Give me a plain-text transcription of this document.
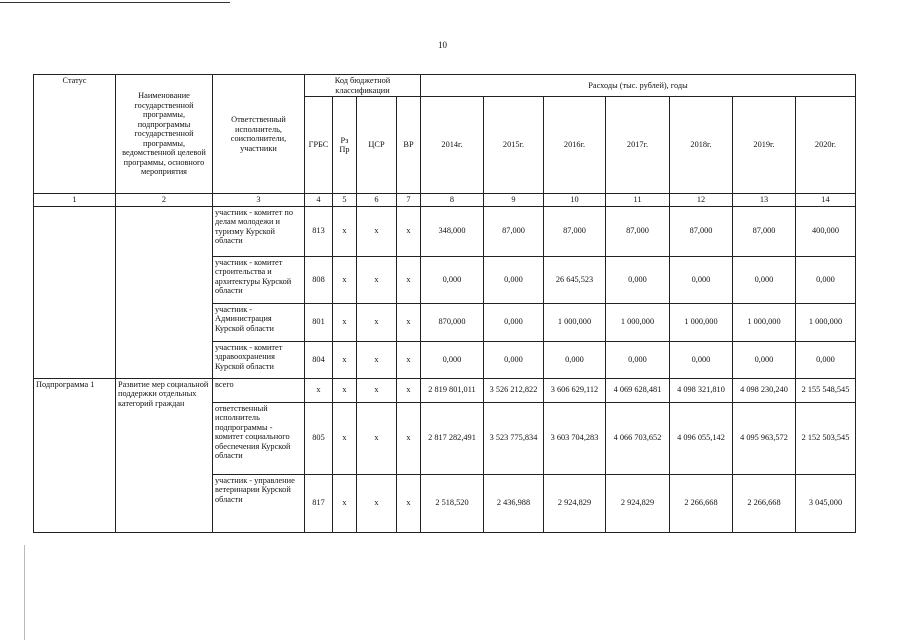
10
Статус	Наименование государственной программы, подпрограммы государственной программы, ведомственной целевой программы, основного мероприятия	Ответственный исполнитель, соисполнители, участники	Код бюджетной классификации				Расходы (тыс. рублей), годы						
			ГРБС	Рз Пр	ЦСР	ВР	2014г.	2015г.	2016г.	2017г.	2018г.	2019г.	2020г.
1	2	3	4	5	6	7	8	9	10	11	12	13	14
		участник - комитет по делам молодежи и туризму Курской области	813	х	х	х	348,000	87,000	87,000	87,000	87,000	87,000	400,000
		участник - комитет строительства и архитектуры Курской области	808	х	х	х	0,000	0,000	26 645,523	0,000	0,000	0,000	0,000
		участник - Администрация Курской области	801	х	х	х	870,000	0,000	1 000,000	1 000,000	1 000,000	1 000,000	1 000,000
		участник - комитет здравоохранения Курской области	804	х	х	х	0,000	0,000	0,000	0,000	0,000	0,000	0,000
Подпрограмма 1	Развитие мер социальной поддержки отдельных категорий граждан	всего	х	х	х	х	2 819 801,011	3 526 212,822	3 606 629,112	4 069 628,481	4 098 321,810	4 098 230,240	2 155 548,545
		ответственный исполнитель подпрограммы - комитет социального обеспечения Курской области	805	х	х	х	2 817 282,491	3 523 775,834	3 603 704,283	4 066 703,652	4 096 055,142	4 095 963,572	2 152 503,545
		участник - управление ветеринарии Курской области	817	х	х	х	2 518,520	2 436,988	2 924,829	2 924,829	2 266,668	2 266,668	3 045,000
